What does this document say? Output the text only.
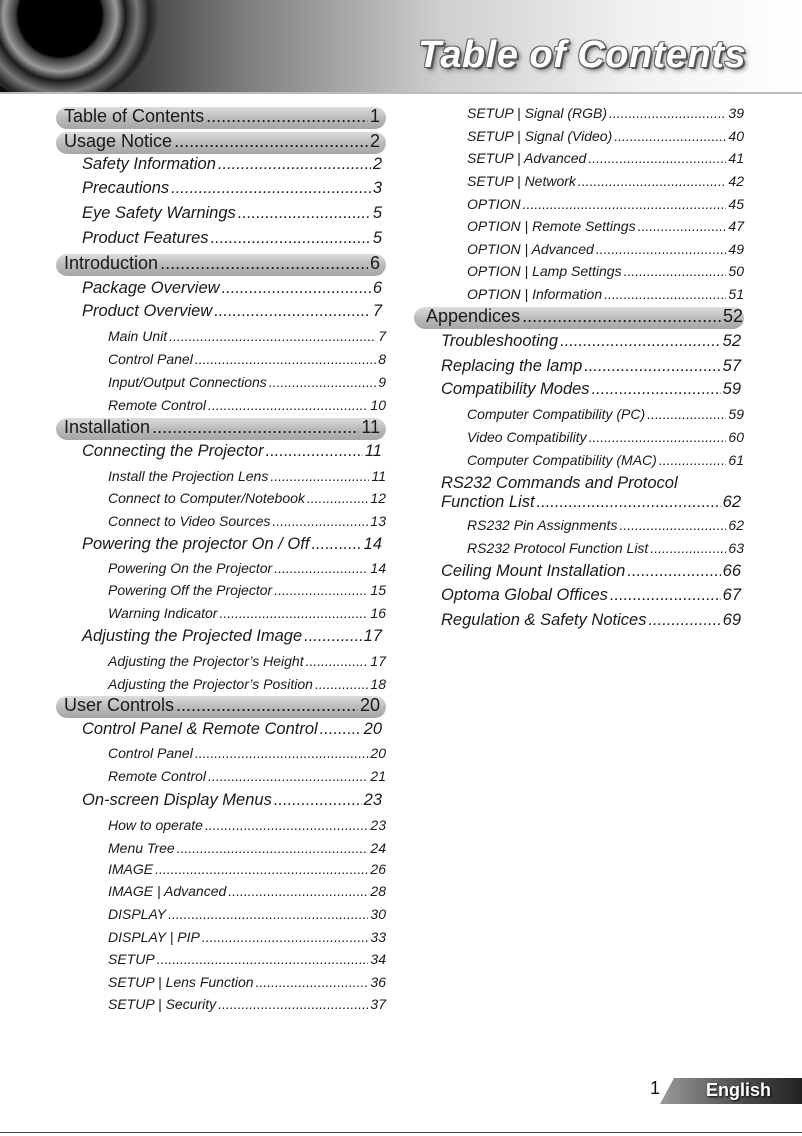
Table of Contents
Table of Contents .....	1
Usage Notice .....	2
Safety Information .....	2
Precautions .....	3
Eye Safety Warnings .....	5
Product Features .....	5
Introduction .....	6
Package Overview .....	6
Product Overview .....	7
Main Unit .....	7
Control Panel .....	8
Input/Output Connections .....	9
Remote Control .....	10
Installation .....	11
Connecting the Projector .....	11
Install the Projection Lens .....	11
Connect to Computer/Notebook .....	12
Connect to Video Sources .....	13
Powering the projector On / Off .....	14
Powering On the Projector .....	14
Powering Off the Projector .....	15
Warning Indicator .....	16
Adjusting the Projected Image .....	17
Adjusting the Projector’s Height .....	17
Adjusting the Projector’s Position .....	18
User Controls .....	20
Control Panel & Remote Control .....	20
Control Panel .....	20
Remote Control .....	21
On-screen Display Menus .....	23
How to operate .....	23
Menu Tree .....	24
IMAGE .....	26
IMAGE | Advanced .....	28
DISPLAY .....	30
DISPLAY | PIP .....	33
SETUP .....	34
SETUP | Lens Function .....	36
SETUP | Security .....	37
SETUP | Signal (RGB) .....	39
SETUP | Signal (Video) .....	40
SETUP | Advanced .....	41
SETUP | Network .....	42
OPTION .....	45
OPTION | Remote Settings .....	47
OPTION | Advanced .....	49
OPTION | Lamp Settings .....	50
OPTION | Information .....	51
Appendices .....	52
Troubleshooting .....	52
Replacing the lamp .....	57
Compatibility Modes .....	59
Computer Compatibility (PC) .....	59
Video Compatibility .....	60
Computer Compatibility (MAC) .....	61
RS232 Commands and Protocol
Function List .....	62
RS232 Pin Assignments .....	62
RS232 Protocol Function List .....	63
Ceiling Mount Installation .....	66
Optoma Global Offices .....	67
Regulation & Safety Notices .....	69
1	English
